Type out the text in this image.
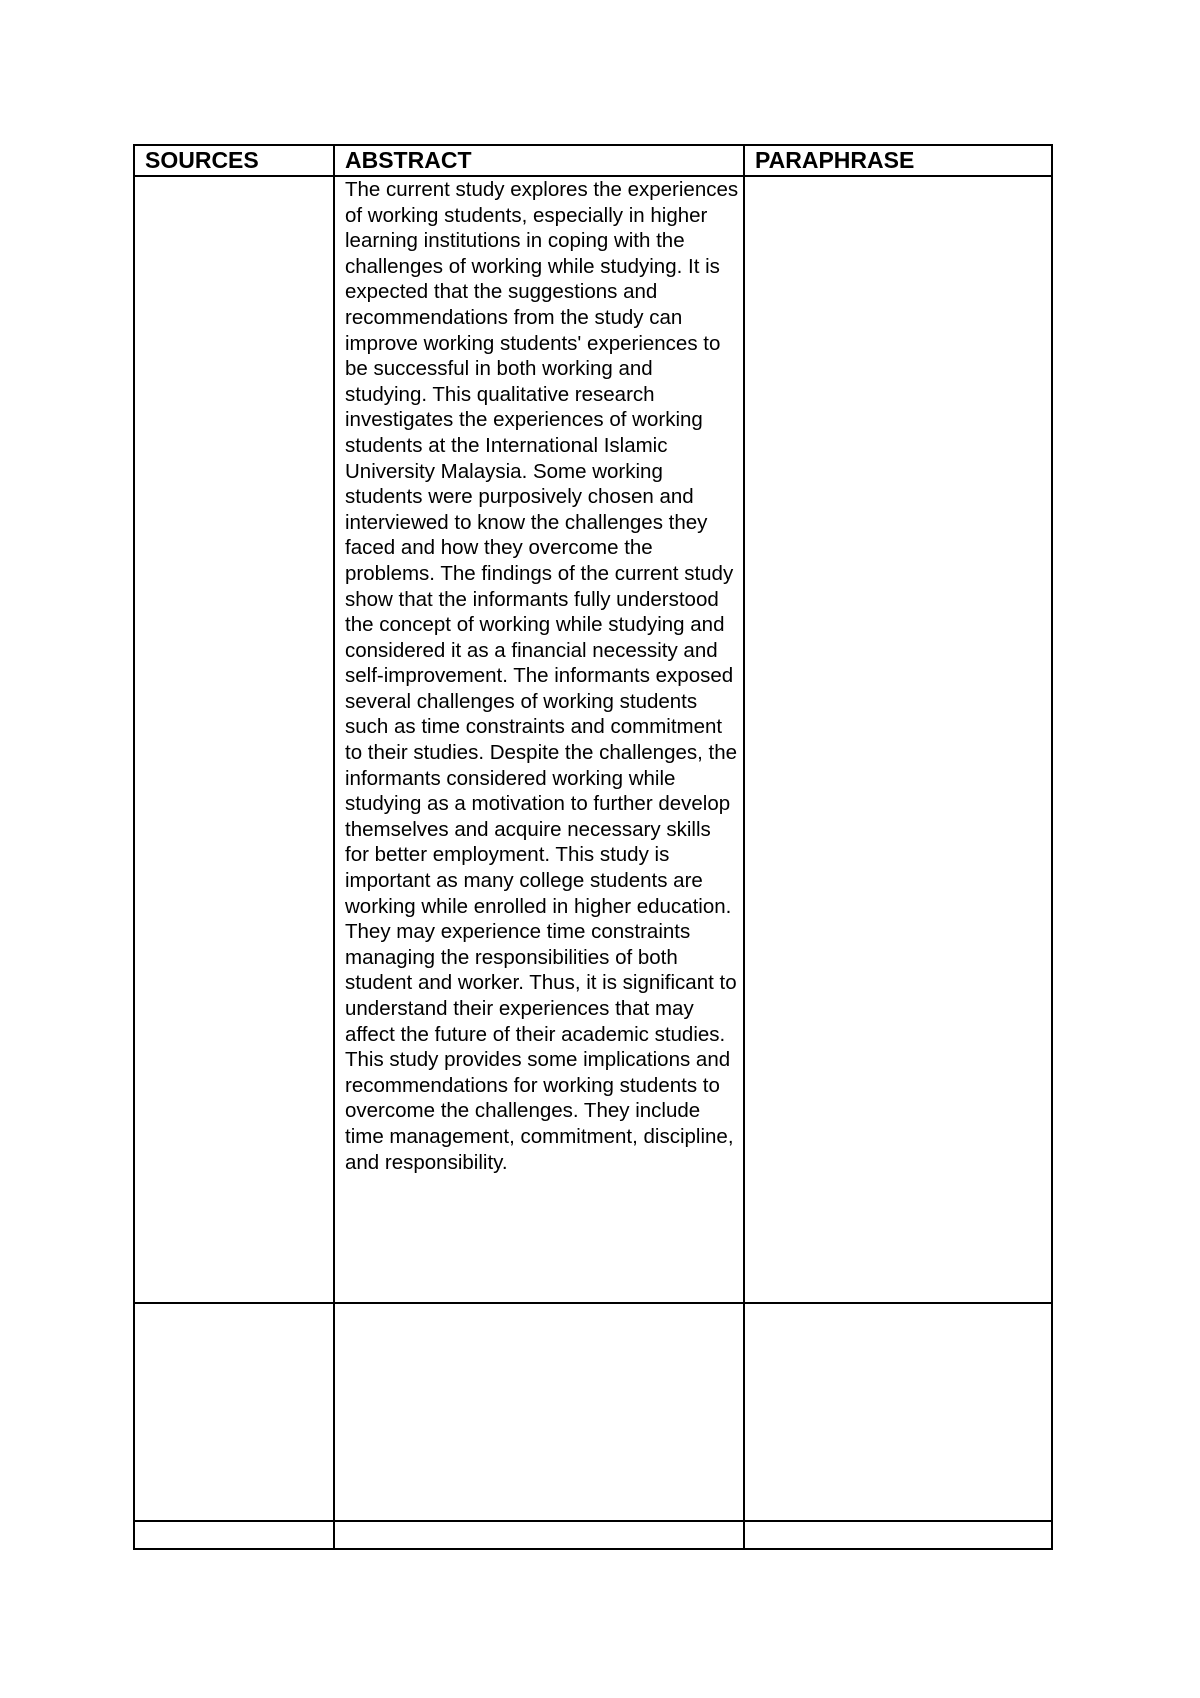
SOURCES	ABSTRACT	PARAPHRASE

	The current study explores the experiences of working students, especially in higher learning institutions in coping with the challenges of working while studying. It is expected that the suggestions and recommendations from the study can improve working students' experiences to be successful in both working and studying. This qualitative research investigates the experiences of working students at the International Islamic University Malaysia. Some working students were purposively chosen and interviewed to know the challenges they faced and how they overcome the problems. The findings of the current study show that the informants fully understood the concept of working while studying and considered it as a financial necessity and self-improvement. The informants exposed several challenges of working students such as time constraints and commitment to their studies. Despite the challenges, the informants considered working while studying as a motivation to further develop themselves and acquire necessary skills for better employment. This study is important as many college students are working while enrolled in higher education. They may experience time constraints managing the responsibilities of both student and worker. Thus, it is significant to understand their experiences that may affect the future of their academic studies. This study provides some implications and recommendations for working students to overcome the challenges. They include time management, commitment, discipline, and responsibility.	
